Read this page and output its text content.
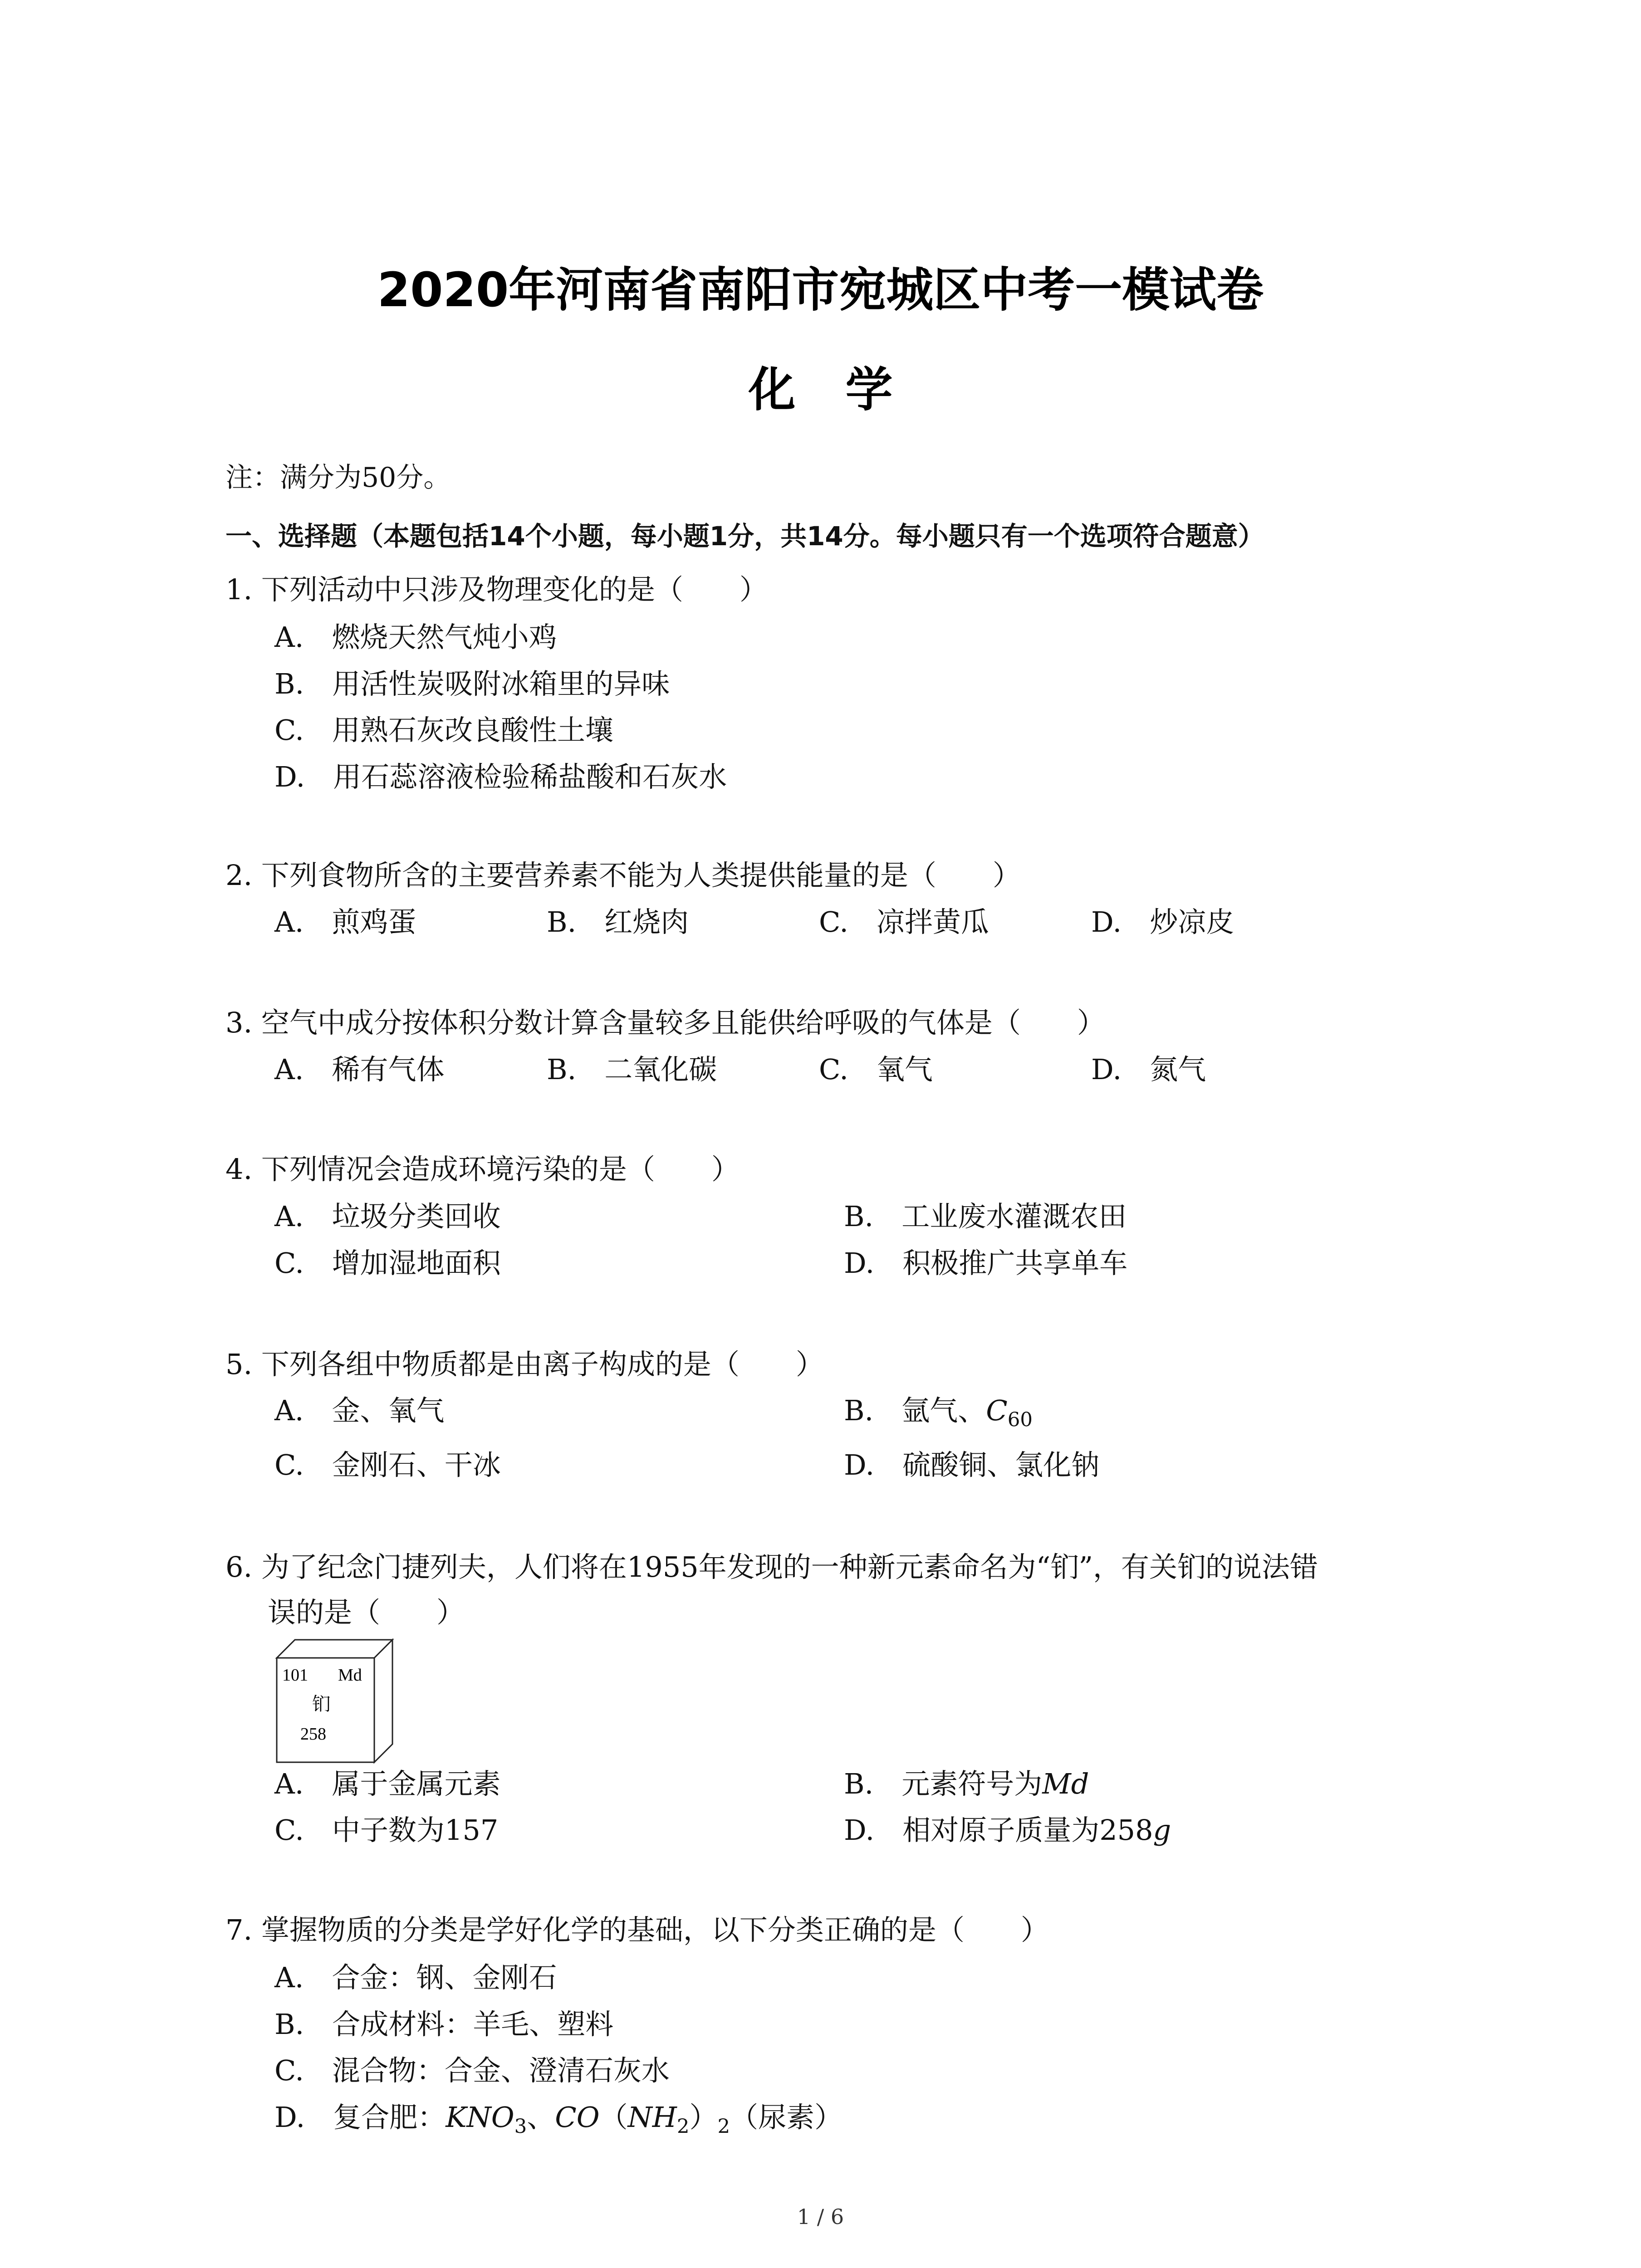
2020年河南省南阳市宛城区中考一模试卷
化学
注：满分为50分。
一、选择题（本题包括14个小题，每小题1分，共14分。每小题只有一个选项符合题意）
1. 下列活动中只涉及物理变化的是（　　）
A.　燃烧天然气炖小鸡
B.　用活性炭吸附冰箱里的异味
C.　用熟石灰改良酸性土壤
D.　用石蕊溶液检验稀盐酸和石灰水
2. 下列食物所含的主要营养素不能为人类提供能量的是（　　）
A.　煎鸡蛋	B.　红烧肉	C.　凉拌黄瓜	D.　炒凉皮
3. 空气中成分按体积分数计算含量较多且能供给呼吸的气体是（　　）
A.　稀有气体	B.　二氧化碳	C.　氧气	D.　氮气
4. 下列情况会造成环境污染的是（　　）
A.　垃圾分类回收	B.　工业废水灌溉农田
C.　增加湿地面积	D.　积极推广共享单车
5. 下列各组中物质都是由离子构成的是（　　）
A.　金、氧气	B.　氩气、$C_{60}$
C.　金刚石、干冰	D.　硫酸铜、氯化钠
6. 为了纪念门捷列夫，人们将在1955年发现的一种新元素命名为“钔”，有关钔的说法错
误的是（　　）
101 Md
钔
258
A.　属于金属元素	B.　元素符号为Md
C.　中子数为157	D.　相对原子质量为258g
7. 掌握物质的分类是学好化学的基础，以下分类正确的是（　　）
A.　合金：钢、金刚石
B.　合成材料：羊毛、塑料
C.　混合物：合金、澄清石灰水
D.　复合肥：$KNO_3$、$CO(NH_2)_2$（尿素）
1 / 6
